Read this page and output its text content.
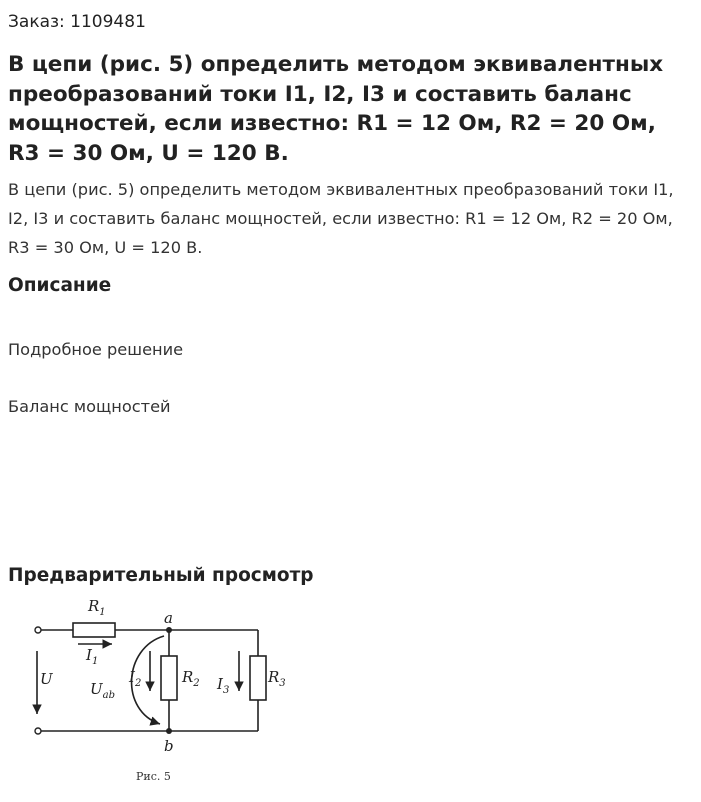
Заказ: 1109481
В цепи (рис. 5) определить методом эквивалентных преобразований токи I1, I2, I3 и составить баланс мощностей, если известно: R1 = 12 Ом, R2 = 20 Ом, R3 = 30 Ом, U = 120 В.
В цепи (рис. 5) определить методом эквивалентных преобразований токи I1, I2, I3 и составить баланс мощностей, если известно: R1 = 12 Ом, R2 = 20 Ом, R3 = 30 Ом, U = 120 В.
Описание
Подробное решение
Баланс мощностей
Предварительный просмотр
$R_1$
$I_1$
U
$U_{ab}$
$I_2$	$R_2$ $I_3$
$R_3$
a
b
Рис. 5
